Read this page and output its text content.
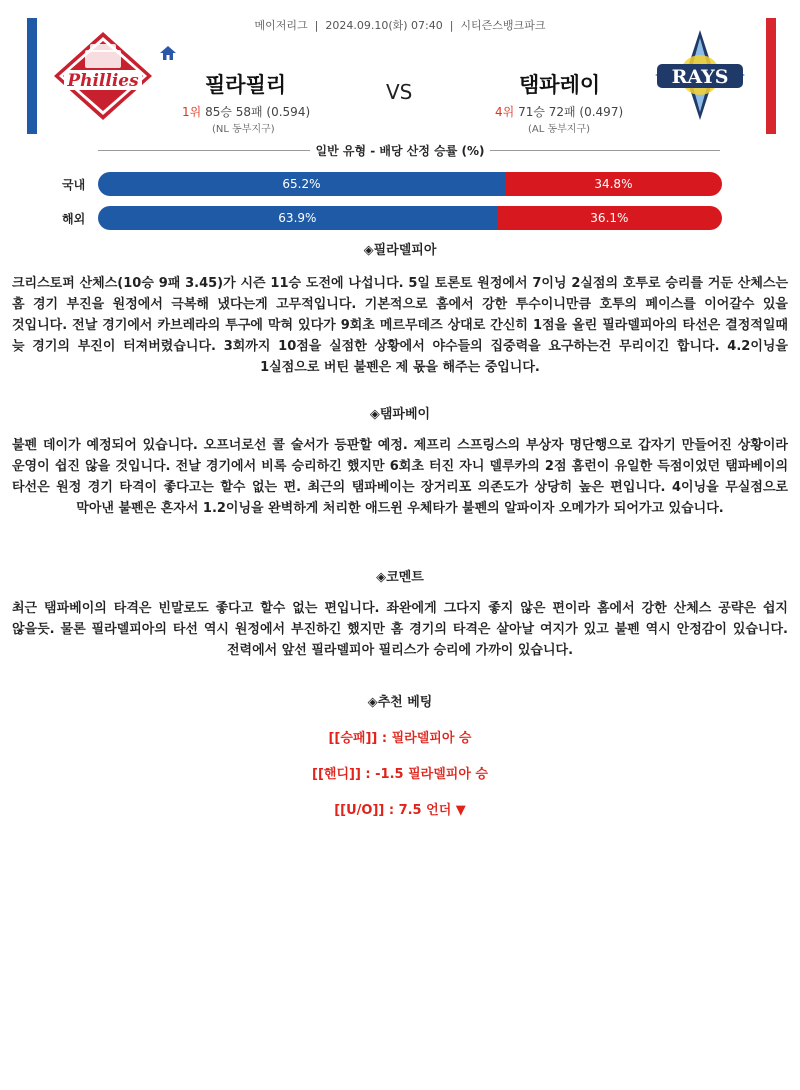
메이저리그  |  2024.09.10(화) 07:40  |  시티즌스뱅크파크
Phillies	필라필리
1위 85승 58패 (0.594)
(NL 동부지구)
VS	탬파레이
4위 71승 72패 (0.497)
(AL 동부지구)
RAYS
일반 유형 - 배당 산정 승률 (%)
국내	65.2%	34.8%
해외	63.9%	36.1%
◈필라델피아
크리스토퍼 산체스(10승 9패 3.45)가 시즌 11승 도전에 나섭니다. 5일 토론토 원정에서 7이닝 2실점의 호투로 승리를 거둔 산체스는 홈 경기 부진을 원정에서 극복해 냈다는게 고무적입니다. 기본적으로 홈에서 강한 투수이니만큼 호투의 페이스를 이어갈수 있을 것입니다. 전날 경기에서 카브레라의 투구에 막혀 있다가 9회초 메르무데즈 상대로 간신히 1점을 올린 필라델피아의 타선은 결정적일때 늦 경기의 부진이 터져버렸습니다. 3회까지 10점을 실점한 상황에서 야수들의 집중력을 요구하는건 무리이긴 합니다. 4.2이닝을 1실점으로 버틴 불펜은 제 몫을 해주는 중입니다.
◈탬파베이
불펜 데이가 예정되어 있습니다. 오프너로선 콜 술서가 등판할 예정. 제프리 스프링스의 부상자 명단행으로 갑자기 만들어진 상황이라 운영이 쉽진 않을 것입니다. 전날 경기에서 비록 승리하긴 했지만 6회초 터진 자니 델루카의 2점 홈런이 유일한 득점이었던 탬파베이의 타선은 원정 경기 타격이 좋다고는 할수 없는 편. 최근의 탬파베이는 장거리포 의존도가 상당히 높은 편입니다. 4이닝을 무실점으로 막아낸 불펜은 혼자서 1.2이닝을 완벽하게 처리한 애드윈 우체타가 불펜의 알파이자 오메가가 되어가고 있습니다.
◈코멘트
최근 탬파베이의 타격은 빈말로도 좋다고 할수 없는 편입니다. 좌완에게 그다지 좋지 않은 편이라 홈에서 강한 산체스 공략은 쉽지 않을듯. 물론 필라델피아의 타선 역시 원정에서 부진하긴 했지만 홈 경기의 타격은 살아날 여지가 있고 불펜 역시 안정감이 있습니다. 전력에서 앞선 필라델피아 필리스가 승리에 가까이 있습니다.
◈추천 베팅
[[승패]] : 필라델피아 승
[[핸디]] : -1.5 필라델피아 승
[[U/O]] : 7.5 언더 ▼
